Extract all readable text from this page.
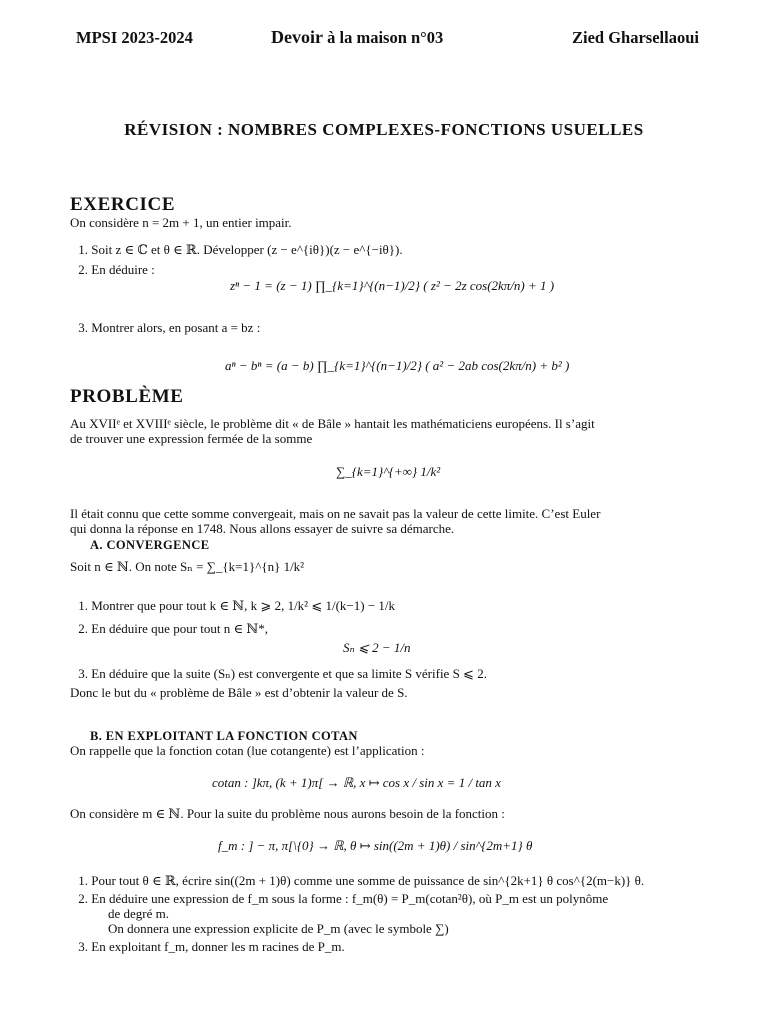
MPSI 2023-2024	Devoir à la maison n°03	Zied Gharsellaoui
RÉVISION : NOMBRES COMPLEXES-FONCTIONS USUELLES
EXERCICE
On considère n = 2m + 1, un entier impair.
1. Soit z ∈ ℂ et θ ∈ ℝ. Développer (z − e^{iθ})(z − e^{−iθ}).
2. En déduire :
zⁿ − 1 = (z − 1) ∏_{k=1}^{(n−1)/2} ( z² − 2z cos(2kπ/n) + 1 )
3. Montrer alors, en posant a = bz :
aⁿ − bⁿ = (a − b) ∏_{k=1}^{(n−1)/2} ( a² − 2ab cos(2kπ/n) + b² )
PROBLÈME
Au XVIIᵉ et XVIIIᵉ siècle, le problème dit « de Bâle » hantait les mathématiciens européens. Il s’agit
de trouver une expression fermée de la somme
∑_{k=1}^{+∞} 1/k²
Il était connu que cette somme convergeait, mais on ne savait pas la valeur de cette limite. C’est Euler
qui donna la réponse en 1748. Nous allons essayer de suivre sa démarche.
A. CONVERGENCE
Soit n ∈ ℕ. On note Sₙ = ∑_{k=1}^{n} 1/k²
1. Montrer que pour tout k ∈ ℕ, k ⩾ 2, 1/k² ⩽ 1/(k−1) − 1/k
2. En déduire que pour tout n ∈ ℕ*,
Sₙ ⩽ 2 − 1/n
3. En déduire que la suite (Sₙ) est convergente et que sa limite S vérifie S ⩽ 2.
Donc le but du « problème de Bâle » est d’obtenir la valeur de S.
B. EN EXPLOITANT LA FONCTION COTAN
On rappelle que la fonction cotan (lue cotangente) est l’application :
cotan : ]kπ, (k + 1)π[ → ℝ, x ↦ cos x / sin x = 1 / tan x
On considère m ∈ ℕ. Pour la suite du problème nous aurons besoin de la fonction :
f_m : ] − π, π[\{0} → ℝ, θ ↦ sin((2m + 1)θ) / sin^{2m+1} θ
1. Pour tout θ ∈ ℝ, écrire sin((2m + 1)θ) comme une somme de puissance de sin^{2k+1} θ cos^{2(m−k)} θ.
2. En déduire une expression de f_m sous la forme : f_m(θ) = P_m(cotan²θ), où P_m est un polynôme
de degré m.
On donnera une expression explicite de P_m (avec le symbole ∑)
3. En exploitant f_m, donner les m racines de P_m.
